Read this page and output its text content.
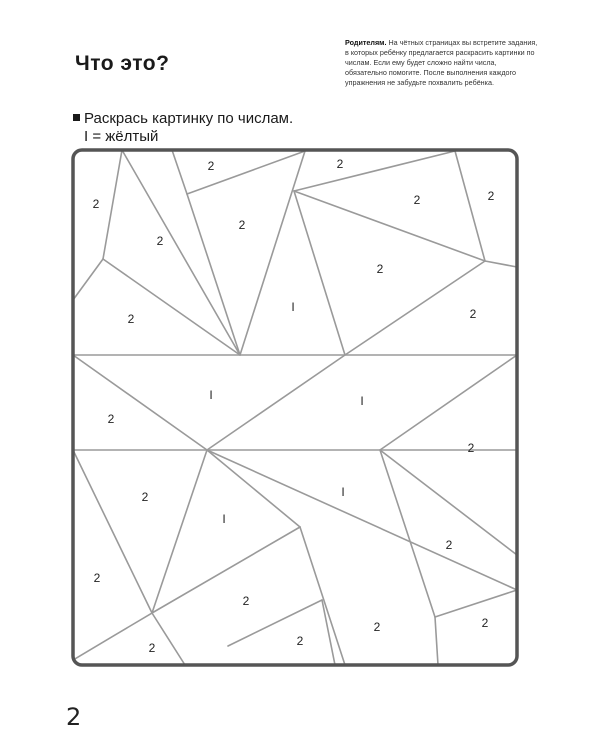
Что это?
Родителям. На чётных страницах вы встретите задания, в которых ребёнку предлагается раскрасить картинки по числам. Если ему будет сложно найти числа, обязательно помогите. После выполнения каждого упражнения не забудьте похвалить ребёнка.
Раскрась картинку по числам.
I = жёлтый
2
2
2
2
2
2	2
2
I
2
2
I	I
2
2
I
2
I
2
2
2
2
2
2
2
2
